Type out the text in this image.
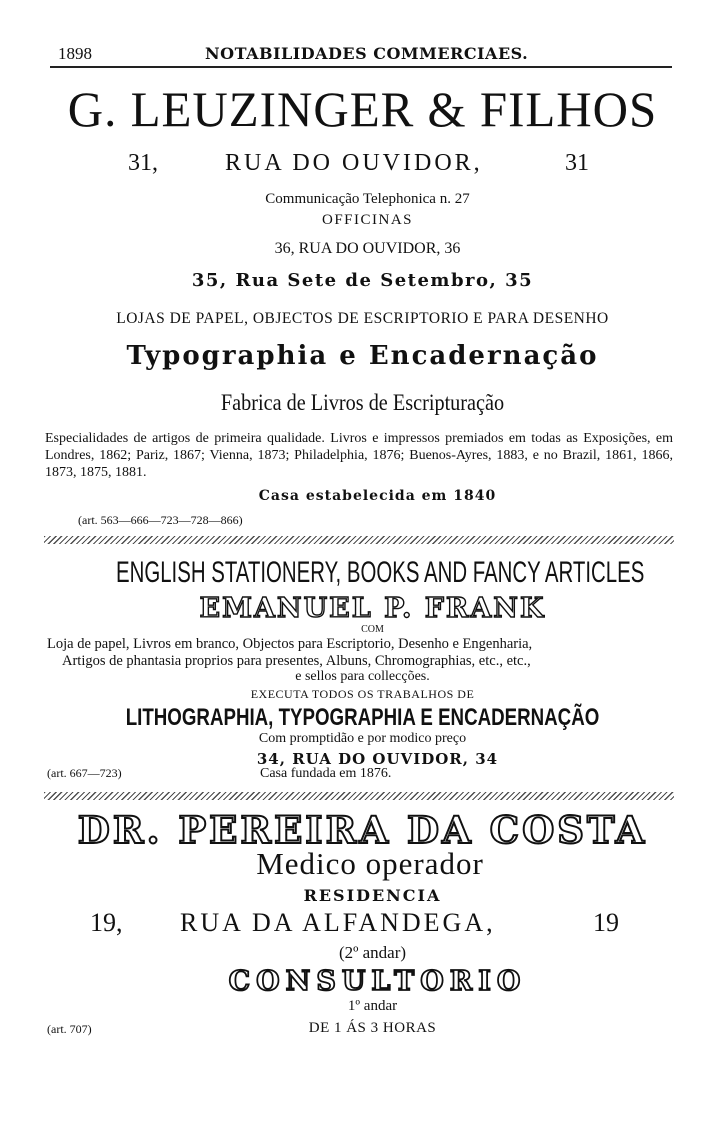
1898	NOTABILIDADES COMMERCIAES.
G. LEUZINGER & FILHOS
31,	RUA DO OUVIDOR,	31
Communicação Telephonica n. 27
OFFICINAS
36, RUA DO OUVIDOR, 36
35, Rua Sete de Setembro, 35
LOJAS DE PAPEL, OBJECTOS DE ESCRIPTORIO E PARA DESENHO
Typographia e Encadernação
Fabrica de Livros de Escripturação
Especialidades de artigos de primeira qualidade. Livros e impressos premiados em todas as Exposições, em Londres, 1862; Pariz, 1867; Vienna, 1873; Philadelphia, 1876; Buenos-Ayres, 1883, e no Brazil, 1861, 1866, 1873, 1875, 1881.
Casa estabelecida em 1840
(art. 563—666—723—728—866)
ENGLISH STATIONERY, BOOKS AND FANCY ARTICLES
EMANUEL P. FRANK
COM
Loja de papel, Livros em branco, Objectos para Escriptorio, Desenho e Engenharia,
Artigos de phantasia proprios para presentes, Albuns, Chromographias, etc., etc.,
e sellos para collecções.
EXECUTA TODOS OS TRABALHOS DE
LITHOGRAPHIA, TYPOGRAPHIA E ENCADERNAÇÃO
Com promptidão e por modico preço
34, RUA DO OUVIDOR, 34
(art. 667—723)	Casa fundada em 1876.
DR. PEREIRA DA COSTA
Medico operador
RESIDENCIA
19, RUA DA ALFANDEGA,	19
(2º andar)
CONSULTORIO
1º andar
(art. 707)	DE 1 ÁS 3 HORAS
